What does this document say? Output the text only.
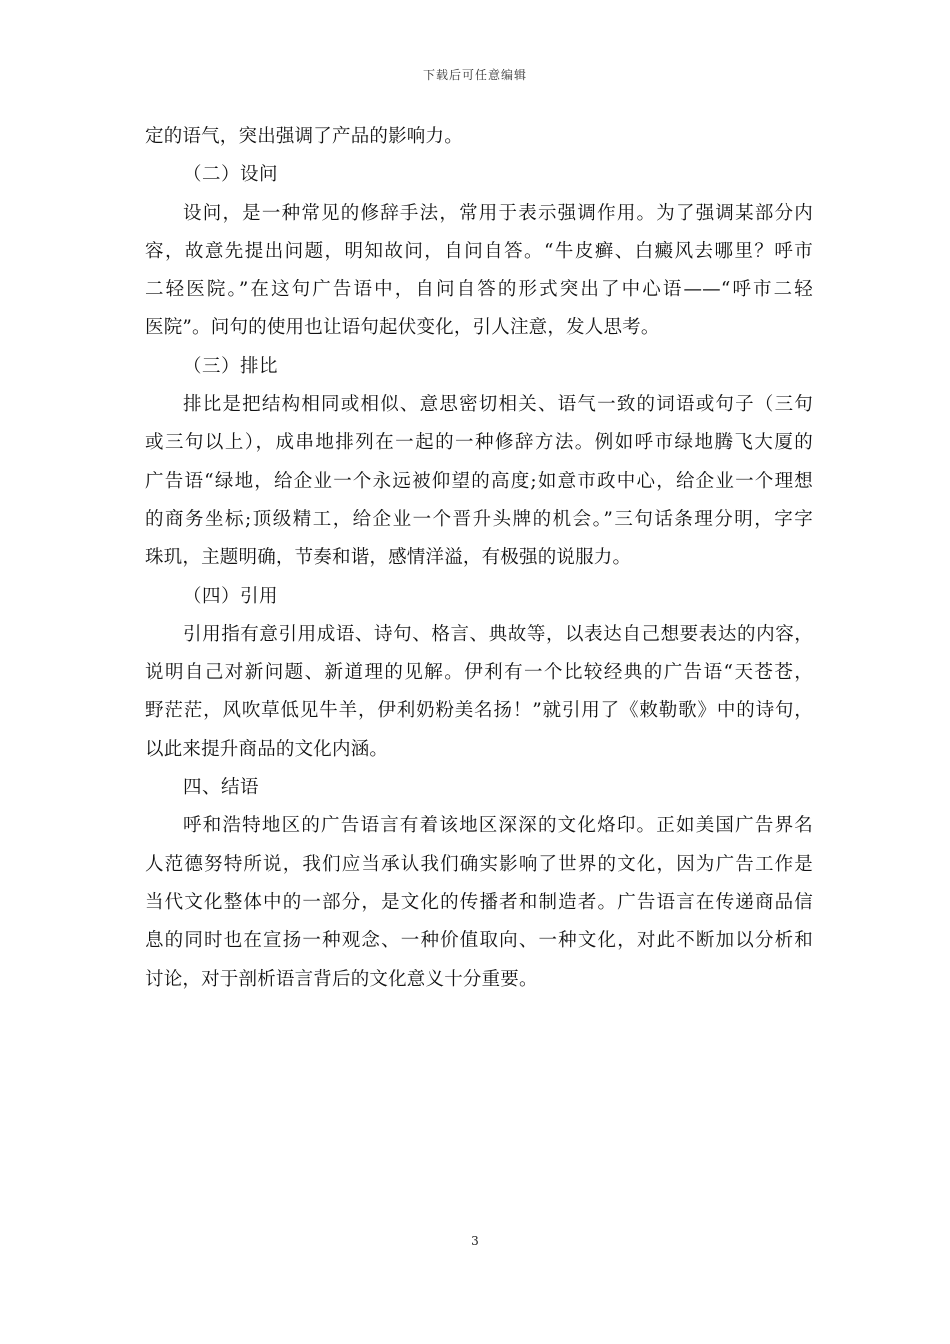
下载后可任意编辑
定的语气，突出强调了产品的影响力。
（二）设问
设问，是一种常见的修辞手法，常用于表示强调作用。为了强调某部分内
容，故意先提出问题，明知故问，自问自答。“牛皮癣、白癜风去哪里？呼市
二轻医院。”在这句广告语中，自问自答的形式突出了中心语——“呼市二轻
医院”。问句的使用也让语句起伏变化，引人注意，发人思考。
（三）排比
排比是把结构相同或相似、意思密切相关、语气一致的词语或句子（三句
或三句以上），成串地排列在一起的一种修辞方法。例如呼市绿地腾飞大厦的
广告语“绿地，给企业一个永远被仰望的高度;如意市政中心，给企业一个理想
的商务坐标;顶级精工，给企业一个晋升头牌的机会。”三句话条理分明，字字
珠玑，主题明确，节奏和谐，感情洋溢，有极强的说服力。
（四）引用
引用指有意引用成语、诗句、格言、典故等，以表达自己想要表达的内容，
说明自己对新问题、新道理的见解。伊利有一个比较经典的广告语“天苍苍，
野茫茫，风吹草低见牛羊，伊利奶粉美名扬！”就引用了《敕勒歌》中的诗句，
以此来提升商品的文化内涵。
四、结语
呼和浩特地区的广告语言有着该地区深深的文化烙印。正如美国广告界名
人范德努特所说，我们应当承认我们确实影响了世界的文化，因为广告工作是
当代文化整体中的一部分，是文化的传播者和制造者。广告语言在传递商品信
息的同时也在宣扬一种观念、一种价值取向、一种文化，对此不断加以分析和
讨论，对于剖析语言背后的文化意义十分重要。
3
